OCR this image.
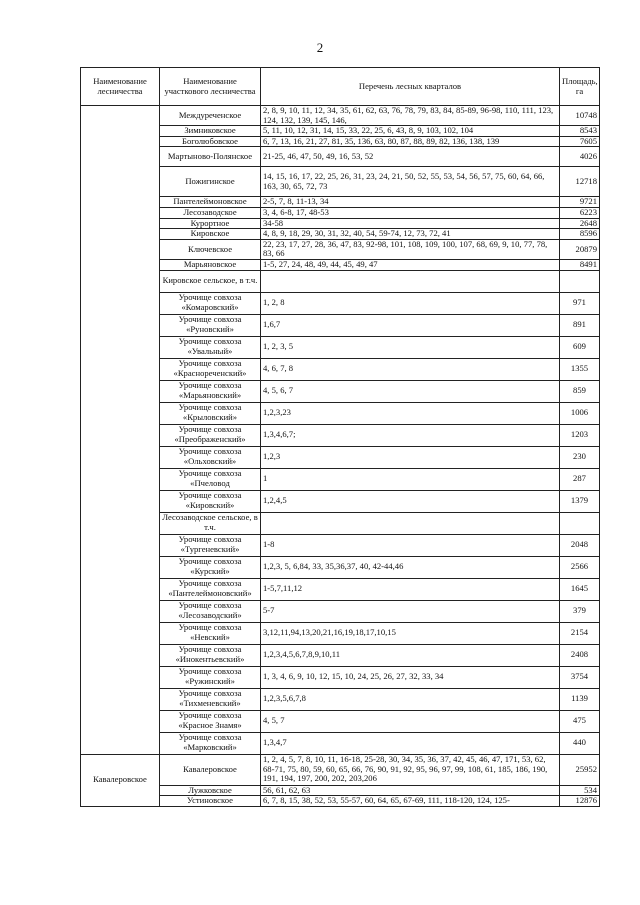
2
Наименование лесничества	Наименование участкового лесничества	Перечень лесных кварталов	Площадь, га
	Междуреченское	2, 8, 9, 10, 11, 12, 34, 35, 61, 62, 63, 76, 78, 79, 83, 84, 85-89, 96-98, 110, 111, 123, 124, 132, 139, 145, 146,	10748
	Зимниковское	5, 11, 10, 12, 31, 14, 15, 33, 22, 25, 6, 43, 8, 9, 103, 102, 104	8543
	Боголюбовское	6, 7, 13, 16, 21, 27, 81, 35, 136, 63, 80, 87, 88, 89, 82, 136, 138, 139	7605
	Мартыново-Полянское	21-25, 46, 47, 50, 49, 16, 53, 52	4026
	Пожигинское	14, 15, 16, 17, 22, 25, 26, 31, 23, 24, 21, 50, 52, 55, 53, 54, 56, 57, 75, 60, 64, 66, 163, 30, 65, 72, 73	12718
	Пантелеймоновское	2-5, 7, 8, 11-13, 34	9721
	Лесозаводское	3, 4, 6-8, 17, 48-53	6223
	Курортное	34-58	2648
	Кировское	4, 8, 9, 18, 29, 30, 31, 32, 40, 54, 59-74, 12, 73, 72, 41	8596
	Ключевское	22, 23, 17, 27, 28, 36, 47, 83, 92-98, 101, 108, 109, 100, 107, 68, 69, 9, 10, 77, 78, 83, 66	20879
	Марьяновское	1-5, 27, 24, 48, 49, 44, 45, 49, 47	8491
	Кировское сельское, в т.ч.		
	Урочище совхоза «Комаровский»	1, 2, 8	971
	Урочище совхоза «Руновский»	1,6,7	891
	Урочище совхоза «Увальный»	1, 2, 3, 5	609
	Урочище совхоза «Краснореченский»	4, 6, 7, 8	1355
	Урочище совхоза «Марьяновский»	4, 5, 6, 7	859
	Урочище совхоза «Крыловский»	1,2,3,23	1006
	Урочище совхоза «Преображенский»	1,3,4,6,7;	1203
	Урочище совхоза «Ольховский»	1,2,3	230
	Урочище совхоза «Пчеловод	1	287
	Урочище совхоза «Кировский»	1,2,4,5	1379
	Лесозаводское сельское, в т.ч.		
	Урочище совхоза «Тургеневский»	1-8	2048
	Урочище совхоза «Курский»	1,2,3, 5, 6,84, 33, 35,36,37, 40, 42-44,46	2566
	Урочище совхоза «Пантелеймоновский»	1-5,7,11,12	1645
	Урочище совхоза «Лесозаводский»	5-7	379
	Урочище совхоза «Невский»	3,12,11,94,13,20,21,16,19,18,17,10,15	2154
	Урочище совхоза «Инокентьевский»	1,2,3,4,5,6,7,8,9,10,11	2408
	Урочище совхоза «Ружинский»	1, 3, 4, 6, 9, 10, 12, 15, 10, 24, 25, 26, 27, 32, 33, 34	3754
	Урочище совхоза «Тихменевский»	1,2,3,5,6,7,8	1139
	Урочище совхоза «Красное Знамя»	4, 5, 7	475
	Урочище совхоза «Марковский»	1,3,4,7	440
Кавалеровское	Кавалеровское	1, 2, 4, 5, 7, 8, 10, 11, 16-18, 25-28, 30, 34, 35, 36, 37, 42, 45, 46, 47, 171, 53, 62, 68-71, 75, 80, 59, 60, 65, 66, 76, 90, 91, 92, 95, 96, 97, 99, 108, 61, 185, 186, 190, 191, 194, 197, 200, 202, 203,206	25952
	Лужковское	56, 61, 62, 63	534
	Устиновское	6, 7, 8, 15, 38, 52, 53, 55-57, 60, 64, 65, 67-69, 111, 118-120, 124, 125-	12876
